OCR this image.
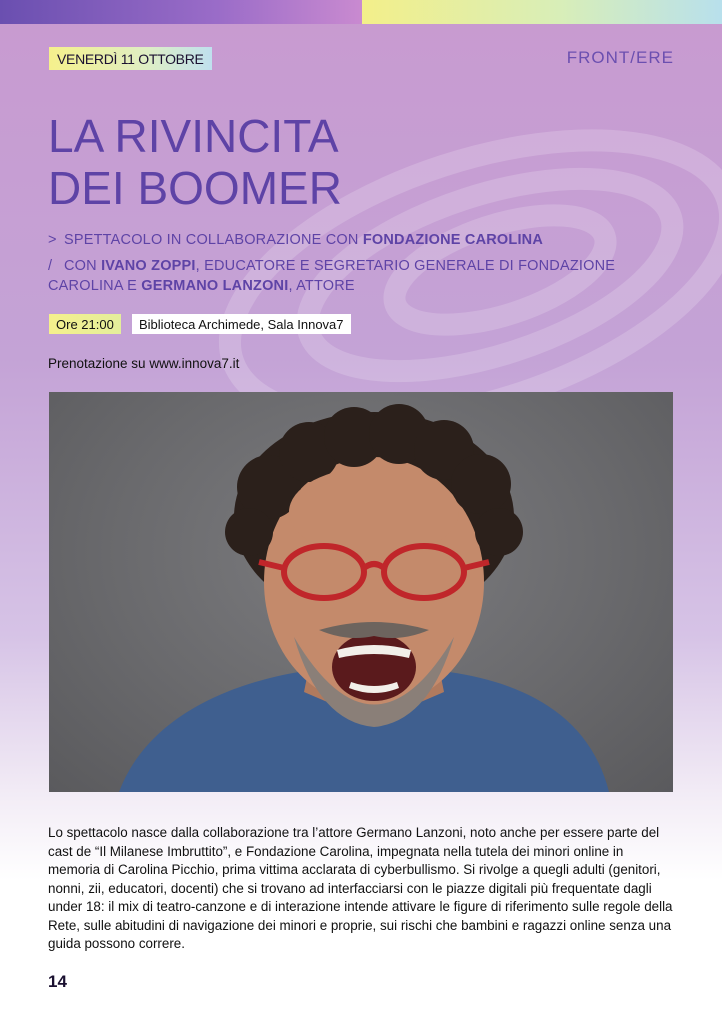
VENERDÌ 11 OTTOBRE	FRONT/ERE
LA RIVINCITA
DEI BOOMER
> SPETTACOLO IN COLLABORAZIONE CON FONDAZIONE CAROLINA
/ CON IVANO ZOPPI, EDUCATORE E SEGRETARIO GENERALE DI FONDAZIONE CAROLINA E GERMANO LANZONI, ATTORE
Ore 21:00	Biblioteca Archimede, Sala Innova7
Prenotazione su www.innova7.it

Lo spettacolo nasce dalla collaborazione tra l’attore Germano Lanzoni, noto anche per essere parte del cast de “Il Milanese Imbruttito”, e Fondazione Carolina, impegnata nella tutela dei minori online in memoria di Carolina Picchio, prima vittima acclarata di cyberbullismo. Si rivolge a quegli adulti (genitori, nonni, zii, educatori, docenti) che si trovano ad interfacciarsi con le piazze digitali più frequentate dagli under 18: il mix di teatro-canzone e di interazione intende attivare le figure di riferimento sulle regole della Rete, sulle abitudini di navigazione dei minori e proprie, sui rischi che bambini e ragazzi online senza una guida possono correre.

14
